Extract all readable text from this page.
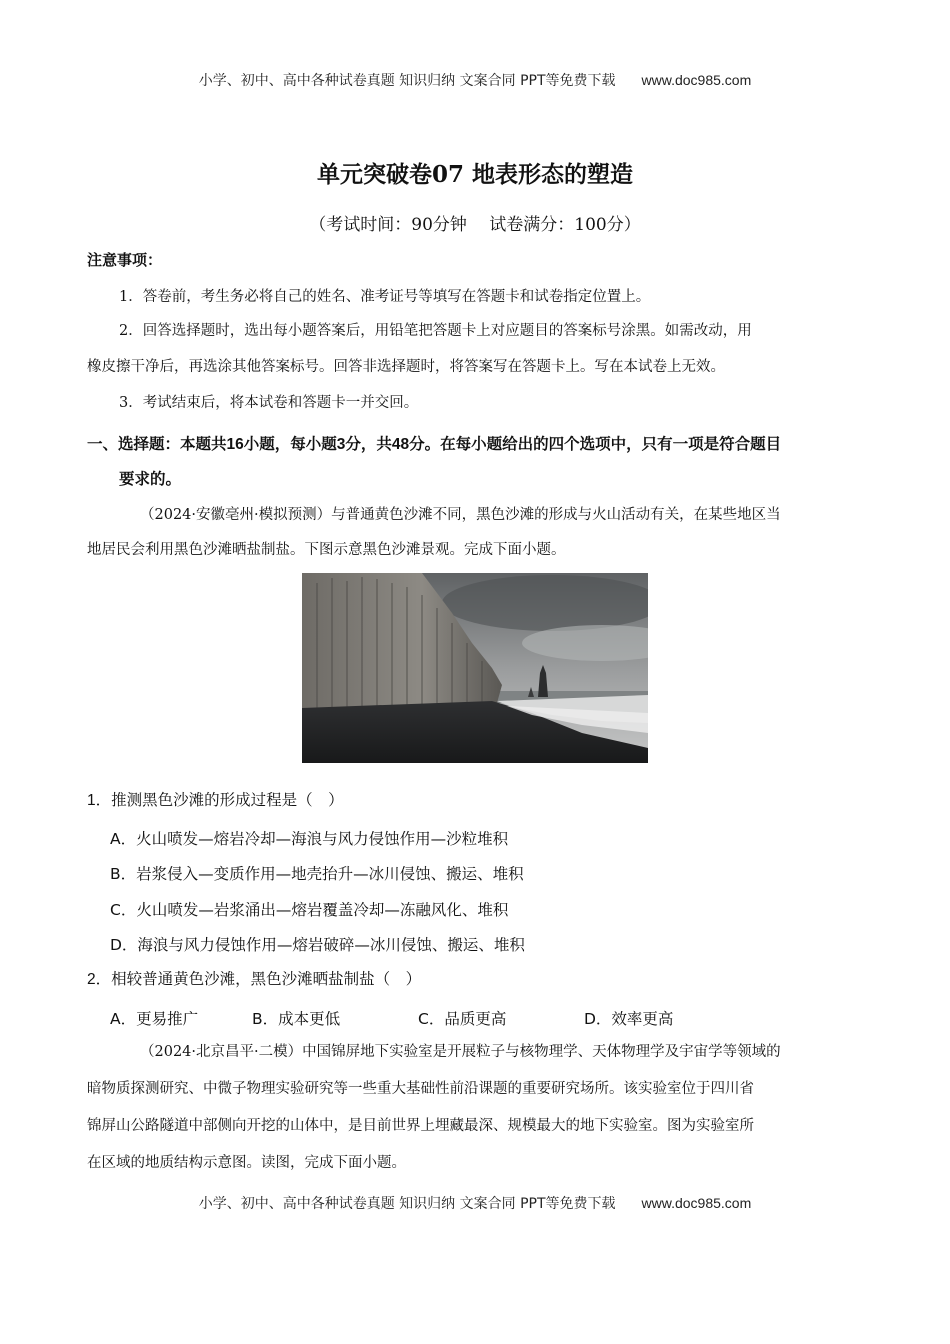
小学、初中、高中各种试卷真题 知识归纳 文案合同 PPT等免费下载 www.doc985.com
单元突破卷07 地表形态的塑造
（考试时间：90分钟　 试卷满分：100分）
注意事项：
1．答卷前，考生务必将自己的姓名、准考证号等填写在答题卡和试卷指定位置上。
2．回答选择题时，选出每小题答案后，用铅笔把答题卡上对应题目的答案标号涂黑。如需改动，用
橡皮擦干净后，再选涂其他答案标号。回答非选择题时，将答案写在答题卡上。写在本试卷上无效。
3．考试结束后，将本试卷和答题卡一并交回。
一、选择题：本题共16小题，每小题3分，共48分。在每小题给出的四个选项中，只有一项是符合题目
要求的。
（2024·安徽亳州·模拟预测）与普通黄色沙滩不同，黑色沙滩的形成与火山活动有关，在某些地区当
地居民会利用黑色沙滩晒盐制盐。下图示意黑色沙滩景观。完成下面小题。
1．推测黑色沙滩的形成过程是（　）
A．火山喷发—熔岩冷却—海浪与风力侵蚀作用—沙粒堆积
B．岩浆侵入—变质作用—地壳抬升—冰川侵蚀、搬运、堆积
C．火山喷发—岩浆涌出—熔岩覆盖冷却—冻融风化、堆积
D．海浪与风力侵蚀作用—熔岩破碎—冰川侵蚀、搬运、堆积
2．相较普通黄色沙滩，黑色沙滩晒盐制盐（　）
A．更易推广	B．成本更低	C．品质更高	D．效率更高
（2024·北京昌平·二模）中国锦屏地下实验室是开展粒子与核物理学、天体物理学及宇宙学等领域的
暗物质探测研究、中微子物理实验研究等一些重大基础性前沿课题的重要研究场所。该实验室位于四川省
锦屏山公路隧道中部侧向开挖的山体中，是目前世界上埋藏最深、规模最大的地下实验室。图为实验室所
在区域的地质结构示意图。读图，完成下面小题。
小学、初中、高中各种试卷真题 知识归纳 文案合同 PPT等免费下载 www.doc985.com
